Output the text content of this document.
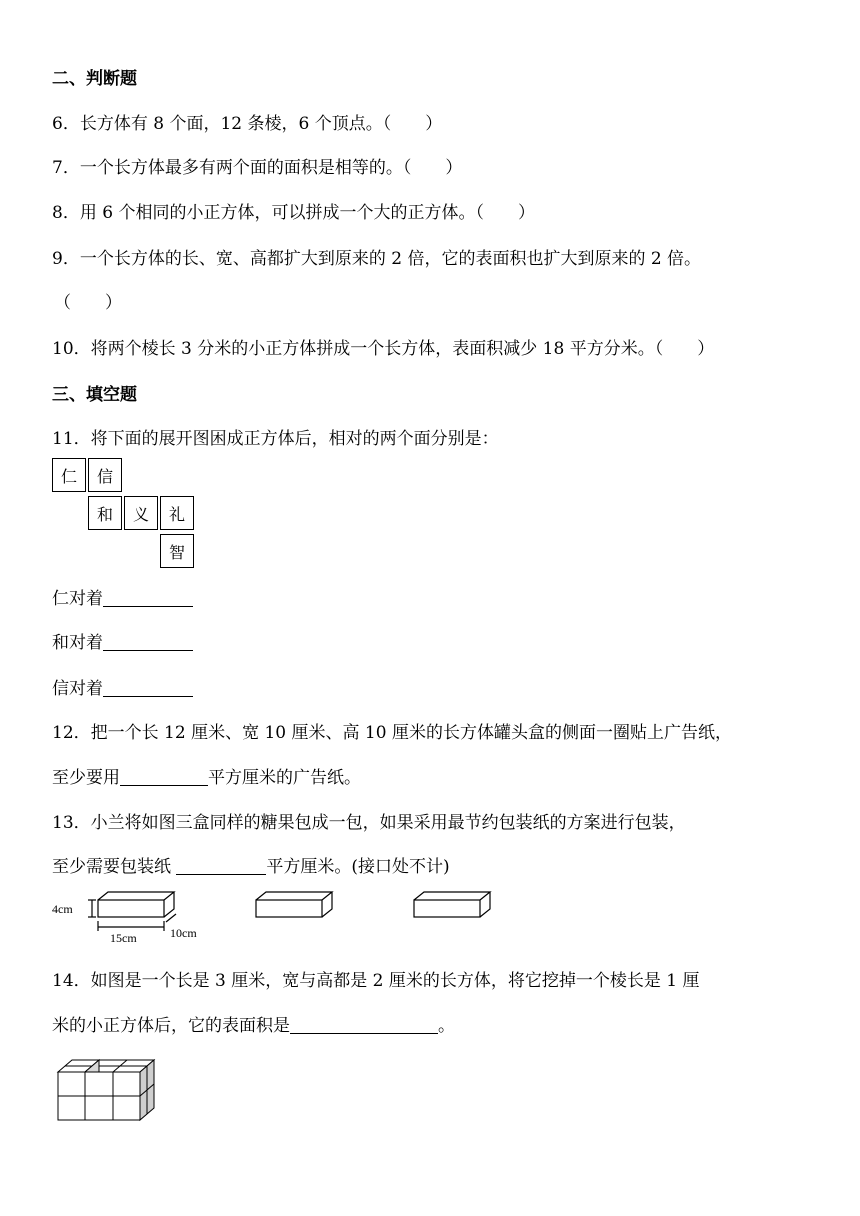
二、判断题
6．长方体有 8 个面，12 条棱，6 个顶点。（　　）
7．一个长方体最多有两个面的面积是相等的。（　　）
8．用 6 个相同的小正方体，可以拼成一个大的正方体。（　　）
9．一个长方体的长、宽、高都扩大到原来的 2 倍，它的表面积也扩大到原来的 2 倍。
（　　）
10．将两个棱长 3 分米的小正方体拼成一个长方体，表面积减少 18 平方分米。（　　）
三、填空题
11．将下面的展开图困成正方体后，相对的两个面分别是：
仁	信
和	义	礼
智
仁对着
和对着
信对着
12．把一个长 12 厘米、宽 10 厘米、高 10 厘米的长方体罐头盒的侧面一圈贴上广告纸，
至少要用	平方厘米的广告纸。
13．小兰将如图三盒同样的糖果包成一包，如果采用最节约包装纸的方案进行包装，
至少需要包装纸	平方厘米。(接口处不计)
4cm
15cm	10cm
14．如图是一个长是 3 厘米，宽与高都是 2 厘米的长方体，将它挖掉一个棱长是 1 厘
米的小正方体后，它的表面积是	。
